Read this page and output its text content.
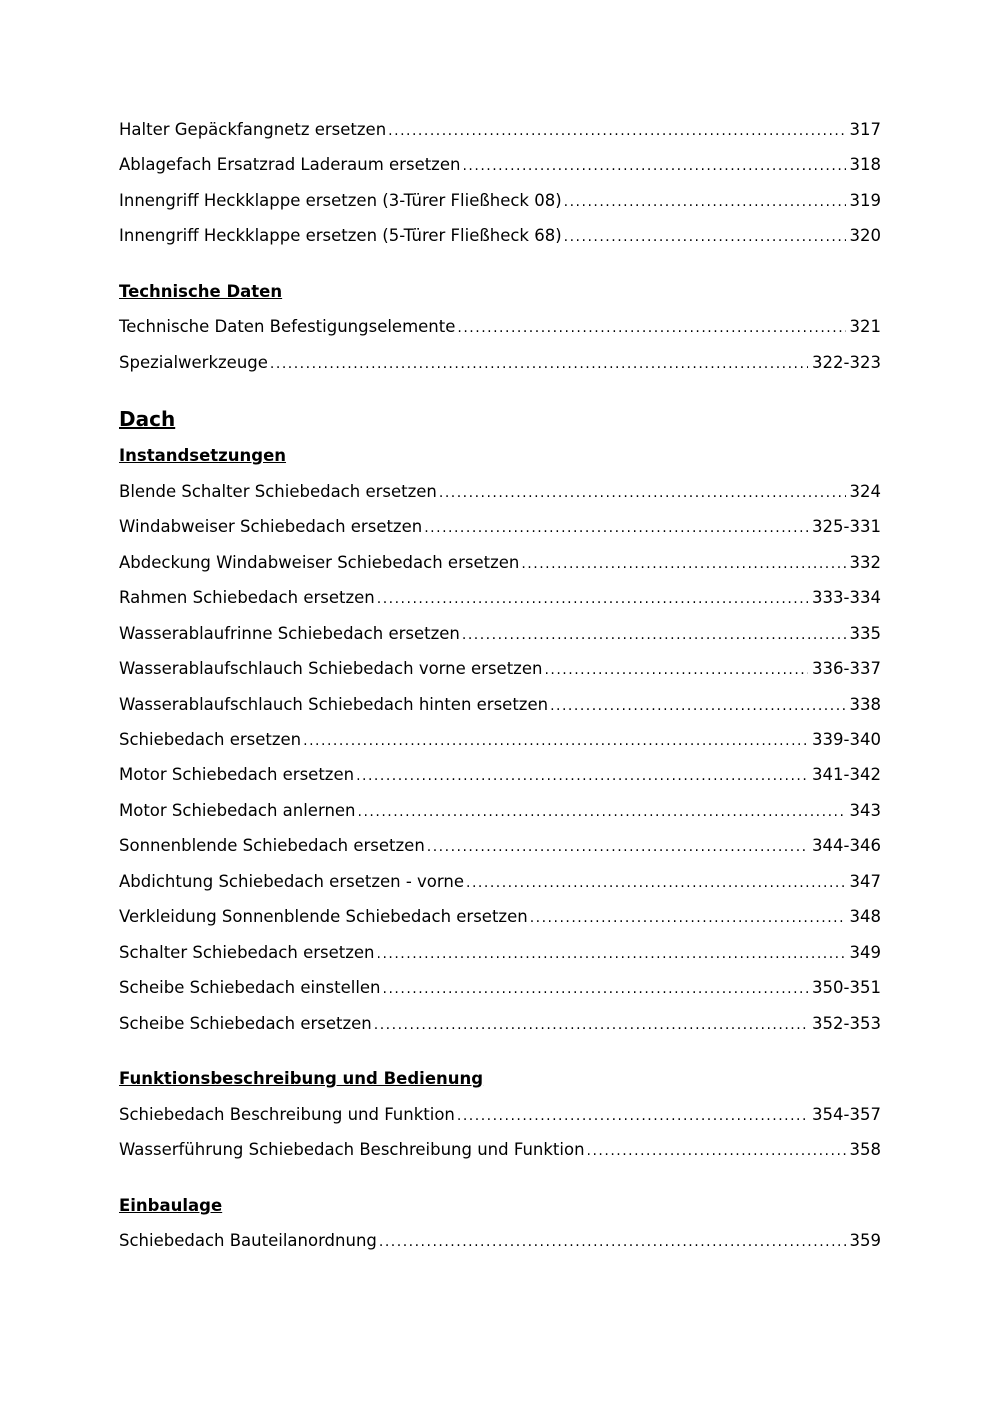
Halter Gepäckfangnetz ersetzen .....	317
Ablagefach Ersatzrad Laderaum ersetzen .....	318
Innengriff Heckklappe ersetzen (3-Türer Fließheck 08) .....	319
Innengriff Heckklappe ersetzen (5-Türer Fließheck 68) .....	320
Technische Daten
Technische Daten Befestigungselemente .....	321
Spezialwerkzeuge .....	322-323
Dach
Instandsetzungen
Blende Schalter Schiebedach ersetzen .....	324
Windabweiser Schiebedach ersetzen .....	325-331
Abdeckung Windabweiser Schiebedach ersetzen .....	332
Rahmen Schiebedach ersetzen .....	333-334
Wasserablaufrinne Schiebedach ersetzen .....	335
Wasserablaufschlauch Schiebedach vorne ersetzen .....	336-337
Wasserablaufschlauch Schiebedach hinten ersetzen .....	338
Schiebedach ersetzen .....	339-340
Motor Schiebedach ersetzen .....	341-342
Motor Schiebedach anlernen .....	343
Sonnenblende Schiebedach ersetzen .....	344-346
Abdichtung Schiebedach ersetzen - vorne .....	347
Verkleidung Sonnenblende Schiebedach ersetzen .....	348
Schalter Schiebedach ersetzen .....	349
Scheibe Schiebedach einstellen .....	350-351
Scheibe Schiebedach ersetzen .....	352-353
Funktionsbeschreibung und Bedienung
Schiebedach Beschreibung und Funktion .....	354-357
Wasserführung Schiebedach Beschreibung und Funktion .....	358
Einbaulage
Schiebedach Bauteilanordnung .....	359
